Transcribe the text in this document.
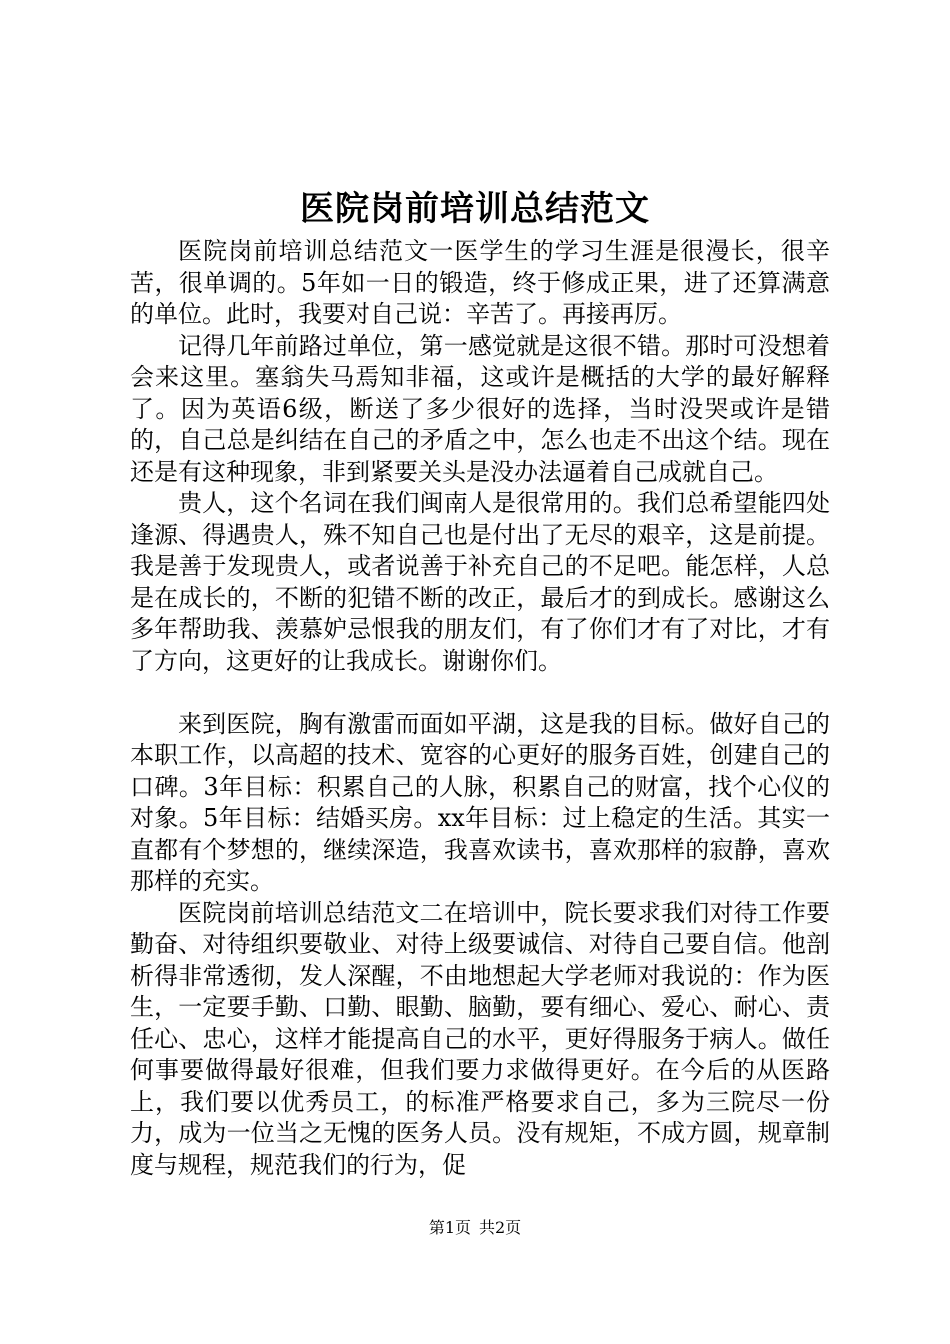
医院岗前培训总结范文

医院岗前培训总结范文一医学生的学习生涯是很漫长，很辛苦，很单调的。5年如一日的锻造，终于修成正果，进了还算满意的单位。此时，我要对自己说：辛苦了。再接再厉。

记得几年前路过单位，第一感觉就是这很不错。那时可没想着会来这里。塞翁失马焉知非福，这或许是概括的大学的最好解释了。因为英语6级，断送了多少很好的选择，当时没哭或许是错的，自己总是纠结在自己的矛盾之中，怎么也走不出这个结。现在还是有这种现象，非到紧要关头是没办法逼着自己成就自己。

贵人，这个名词在我们闽南人是很常用的。我们总希望能四处逢源、得遇贵人，殊不知自己也是付出了无尽的艰辛，这是前提。我是善于发现贵人，或者说善于补充自己的不足吧。能怎样，人总是在成长的，不断的犯错不断的改正，最后才的到成长。感谢这么多年帮助我、羡慕妒忌恨我的朋友们，有了你们才有了对比，才有了方向，这更好的让我成长。谢谢你们。

来到医院，胸有激雷而面如平湖，这是我的目标。做好自己的本职工作，以高超的技术、宽容的心更好的服务百姓，创建自己的口碑。3年目标：积累自己的人脉，积累自己的财富，找个心仪的对象。5年目标：结婚买房。xx年目标：过上稳定的生活。其实一直都有个梦想的，继续深造，我喜欢读书，喜欢那样的寂静，喜欢那样的充实。

医院岗前培训总结范文二在培训中，院长要求我们对待工作要勤奋、对待组织要敬业、对待上级要诚信、对待自己要自信。他剖析得非常透彻，发人深醒，不由地想起大学老师对我说的：作为医生，一定要手勤、口勤、眼勤、脑勤，要有细心、爱心、耐心、责任心、忠心，这样才能提高自己的水平，更好得服务于病人。做任何事要做得最好很难，但我们要力求做得更好。在今后的从医路上，我们要以优秀员工，的标准严格要求自己，多为三院尽一份力，成为一位当之无愧的医务人员。没有规矩，不成方圆，规章制度与规程，规范我们的行为，促

第1页 共2页
